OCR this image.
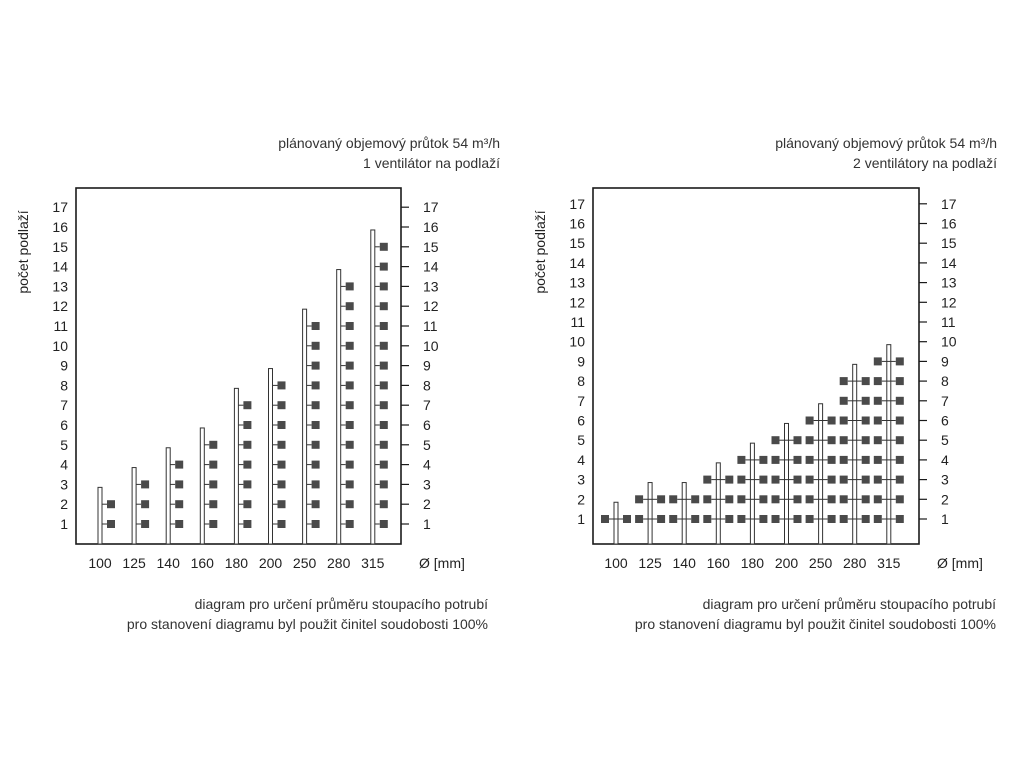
plánovaný objemový průtok 54 m³/h
1 ventilátor na podlaží
počet podlaží
1	1
2	2
3	3
4	4
5	5
6	6
7	7
8	8
9	9
10	10
11	11
12	12
13	13
14	14
15	15
16	16
17	17
100 125 140 160 180 200 250 280 315 Ø [mm]
diagram pro určení průměru stoupacího potrubí
pro stanovení diagramu byl použit činitel soudobosti 100%
plánovaný objemový průtok 54 m³/h
2 ventilátory na podlaží
počet podlaží
1	1
2	2
3	3
4	4
5	5
6	6
7	7
8	8
9	9
10	10
11	11
12	12
13	13
14	14
15	15
16	16
17	17
100 125 140 160 180 200 250 280 315	Ø [mm]
diagram pro určení průměru stoupacího potrubí
pro stanovení diagramu byl použit činitel soudobosti 100%
